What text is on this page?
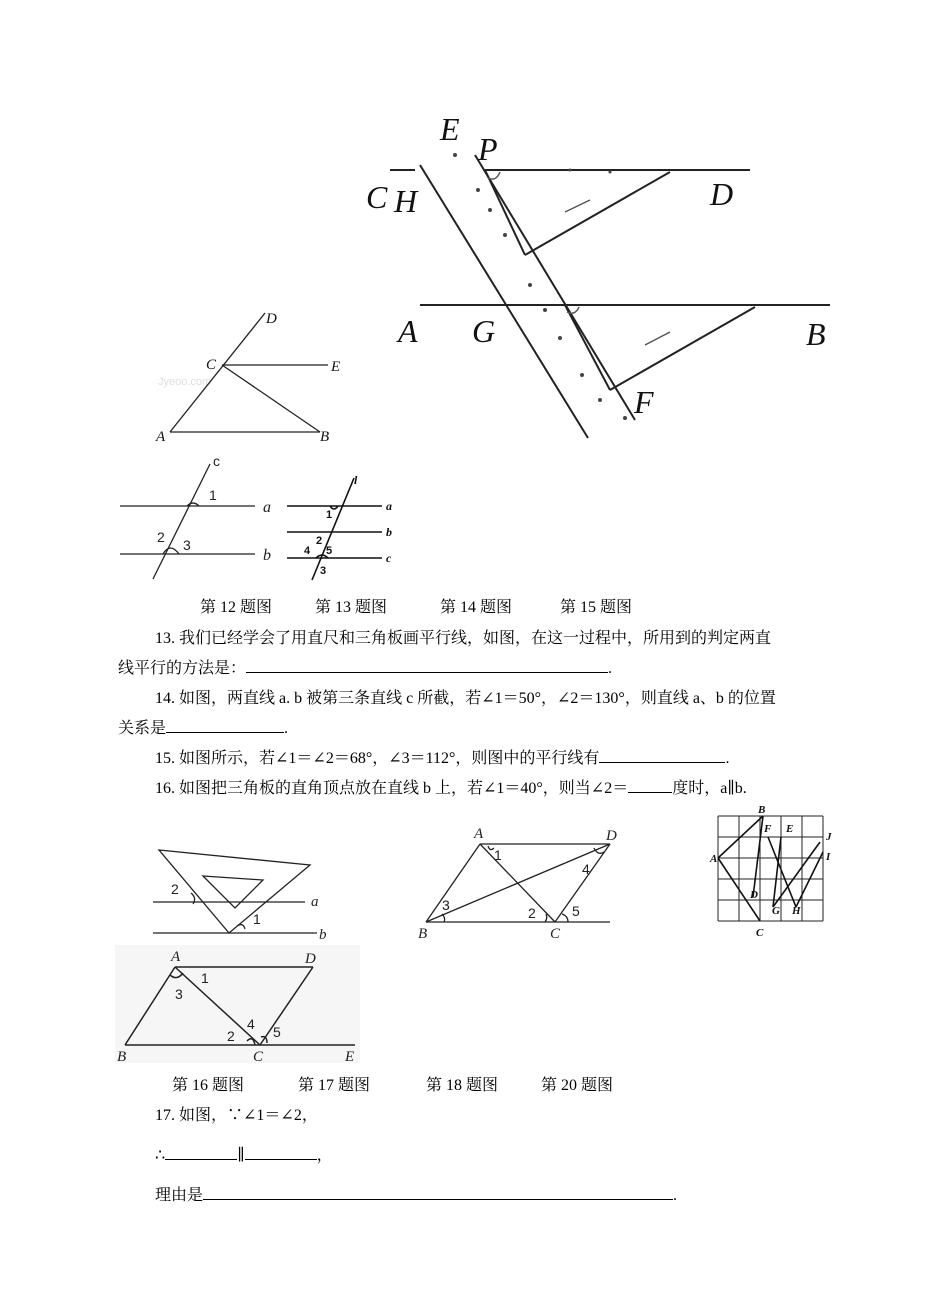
E
P
C H	D
A G	B
F
Jyeoo.com
D
C	E
A	B
c
1
2 3
a
b
1
2
4 5
3
l
a
b
c
第 12 题图	第 13 题图	第 14 题图	第 15 题图
13. 我们已经学会了用直尺和三角板画平行线，如图，在这一过程中，所用到的判定两直
线平行的方法是：	.
14. 如图，两直线 a. b 被第三条直线 c 所截，若∠1＝50°，∠2＝130°，则直线 a、b 的位置
关系是	.
15. 如图所示，若∠1＝∠2＝68°，∠3＝112°，则图中的平行线有	.
16. 如图把三角板的直角顶点放在直线 b 上，若∠1＝40°，则当∠2＝	度时，a∥b.
2
1
a
b
1
3	2	5
4
A	D
B	C
B
F E
J
A	I
D
G H
C
1
3
2
4 5
A	D
B	C	E
第 16 题图	第 17 题图	第 18 题图	第 20 题图
17. 如图，∵∠1＝∠2，
∴	∥	，
理由是	.
